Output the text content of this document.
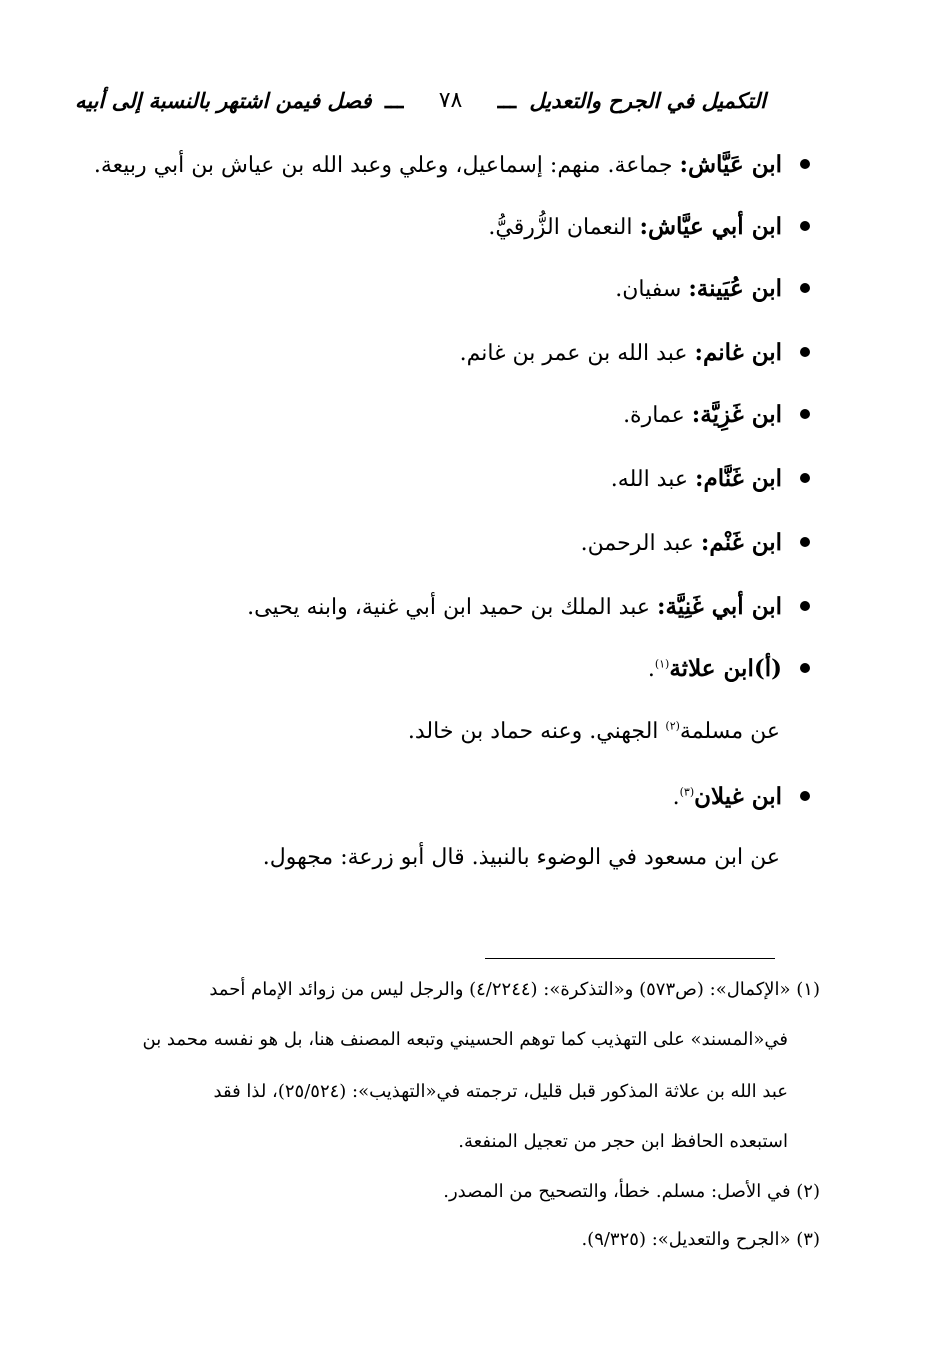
التكميل في الجرح والتعديل ـــ ٧٨ ـــ فصل فيمن اشتهر بالنسبة إلى أبيه
ابن عَيَّاش: جماعة. منهم: إسماعيل، وعلي وعبد الله بن عياش بن أبي ربيعة.
ابن أبي عيَّاش: النعمان الزُّرقيُّ.
ابن عُيَينة: سفيان.
ابن غانم: عبد الله بن عمر بن غانم.
ابن غَزِيَّة: عمارة.
ابن غَنَّام: عبد الله.
ابن غَنْم: عبد الرحمن.
ابن أبي غَنِيَّة: عبد الملك بن حميد ابن أبي غنية، وابنه يحيى.
(أ)ابن علاثة$^{(١)}$.
عن مسلمة$^{(٢)}$ الجهني. وعنه حماد بن خالد.
ابن غيلان$^{(٣)}$.
عن ابن مسعود في الوضوء بالنبيذ. قال أبو زرعة: مجهول.
(١) «الإكمال»: (ص٥٧٣) و«التذكرة»: (٤/٢٢٤٤) والرجل ليس من زوائد الإمام أحمد
في«المسند» على التهذيب كما توهم الحسيني وتبعه المصنف هنا، بل هو نفسه محمد بن
عبد الله بن علاثة المذكور قبل قليل، ترجمته في«التهذيب»: (٢٥/٥٢٤)، لذا فقد
استبعده الحافظ ابن حجر من تعجيل المنفعة.
(٢) في الأصل: مسلم. خطأ، والتصحيح من المصدر.
(٣) «الجرح والتعديل»: (٩/٣٢٥).
